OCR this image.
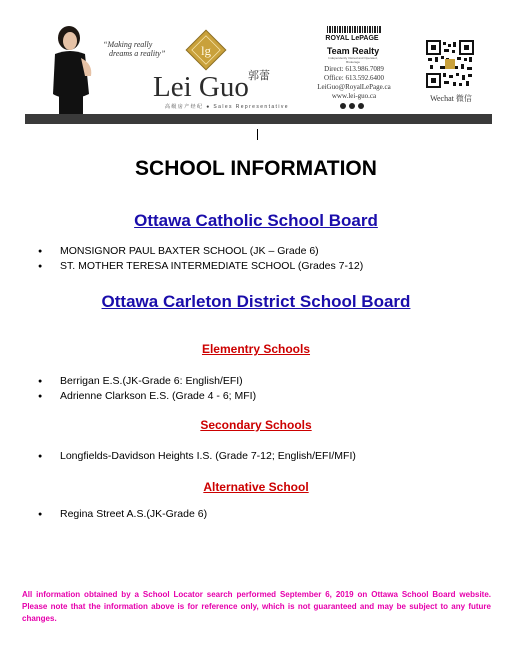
“Making really
dreams a reality”	lg
Lei Guo 郭蕾
高级房产经纪 ● Sales Representative
ROYAL LePAGE
Team Realty
Independently Owned and Operated, Brokerage
Direct: 613.986.7089
Office: 613.592.6400
LeiGuo@RoyalLePage.ca
www.lei-guo.ca	Wechat 微信
SCHOOL INFORMATION
Ottawa Catholic School Board
● MONSIGNOR PAUL BAXTER SCHOOL (JK – Grade 6)
● ST. MOTHER TERESA INTERMEDIATE SCHOOL (Grades 7-12)
Ottawa Carleton District School Board
Elementry Schools
● Berrigan E.S.(JK-Grade 6: English/EFI)
● Adrienne Clarkson E.S. (Grade 4 - 6; MFI)
Secondary Schools
● Longfields-Davidson Heights I.S. (Grade 7-12; English/EFI/MFI)
Alternative School
● Regina Street A.S.(JK-Grade 6)

All information obtained by a School Locator search performed September 6, 2019 on Ottawa School Board website. Please note that the information above is for reference only, which is not guaranteed and may be subject to any future changes.
